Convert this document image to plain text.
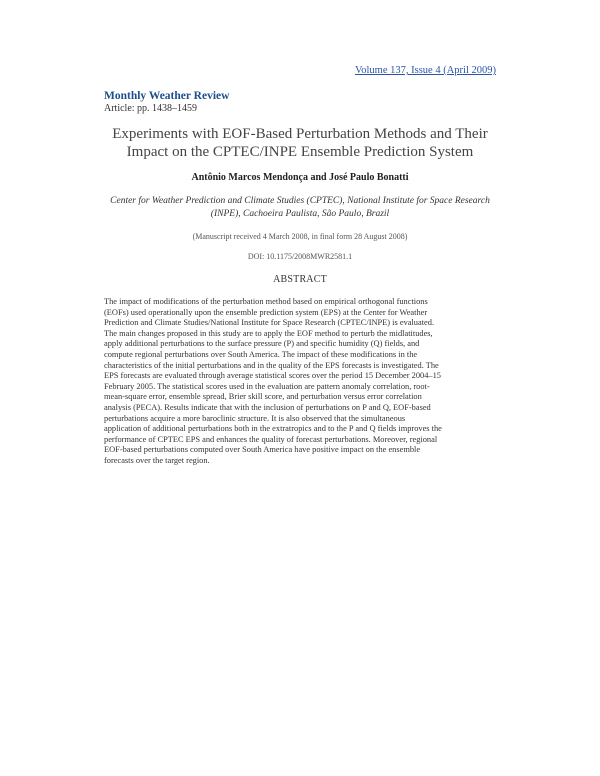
Volume 137, Issue 4 (April 2009)
Monthly Weather Review
Article: pp. 1438–1459
Experiments with EOF-Based Perturbation Methods and Their
Impact on the CPTEC/INPE Ensemble Prediction System
Antônio Marcos Mendonça and José Paulo Bonatti
Center for Weather Prediction and Climate Studies (CPTEC), National Institute for Space Research
(INPE), Cachoeira Paulista, São Paulo, Brazil
(Manuscript received 4 March 2008, in final form 28 August 2008)
DOI: 10.1175/2008MWR2581.1
ABSTRACT
The impact of modifications of the perturbation method based on empirical orthogonal functions
(EOFs) used operationally upon the ensemble prediction system (EPS) at the Center for Weather
Prediction and Climate Studies/National Institute for Space Research (CPTEC/INPE) is evaluated.
The main changes proposed in this study are to apply the EOF method to perturb the midlatitudes,
apply additional perturbations to the surface pressure (P) and specific humidity (Q) fields, and
compute regional perturbations over South America. The impact of these modifications in the
characteristics of the initial perturbations and in the quality of the EPS forecasts is investigated. The
EPS forecasts are evaluated through average statistical scores over the period 15 December 2004–15
February 2005. The statistical scores used in the evaluation are pattern anomaly correlation, root-
mean-square error, ensemble spread, Brier skill score, and perturbation versus error correlation
analysis (PECA). Results indicate that with the inclusion of perturbations on P and Q, EOF-based
perturbations acquire a more baroclinic structure. It is also observed that the simultaneous
application of additional perturbations both in the extratropics and to the P and Q fields improves the
performance of CPTEC EPS and enhances the quality of forecast perturbations. Moreover, regional
EOF-based perturbations computed over South America have positive impact on the ensemble
forecasts over the target region.
